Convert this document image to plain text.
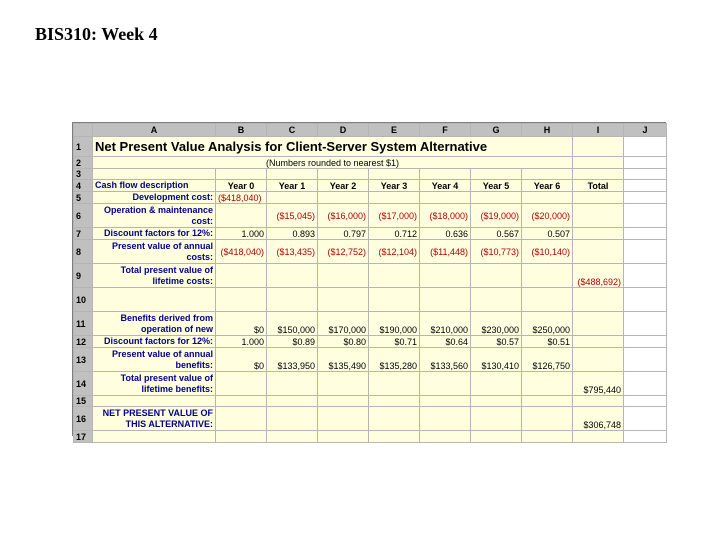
BIS310: Week 4
	A	B	C	D	E	F	G	H	I	J
1	Net Present Value Analysis for Client-Server System Alternative									
2	(Numbers rounded to nearest $1)									
3										
4	Cash flow description	Year 0	Year 1	Year 2	Year 3	Year 4	Year 5	Year 6	Total	
5	Development cost:	($418,040)								
6	Operation & maintenance
cost:		($15,045)	($16,000)	($17,000)	($18,000)	($19,000)	($20,000)		
7	Discount factors for 12%:	1.000	0.893	0.797	0.712	0.636	0.567	0.507		
8	Present value of annual
costs:	($418,040)	($13,435)	($12,752)	($12,104)	($11,448)	($10,773)	($10,140)		
9	Total present value of
lifetime costs:								($488,692)	
10										
11	Benefits derived from
operation of new	$0	$150,000	$170,000	$190,000	$210,000	$230,000	$250,000		
12	Discount factors for 12%:	1.000	$0.89	$0.80	$0.71	$0.64	$0.57	$0.51		
13	Present value of annual
benefits:	$0	$133,950	$135,490	$135,280	$133,560	$130,410	$126,750		
14	Total present value of
lifetime benefits:								$795,440	
15										
16	NET PRESENT VALUE OF
THIS ALTERNATIVE:								$306,748	
17										
